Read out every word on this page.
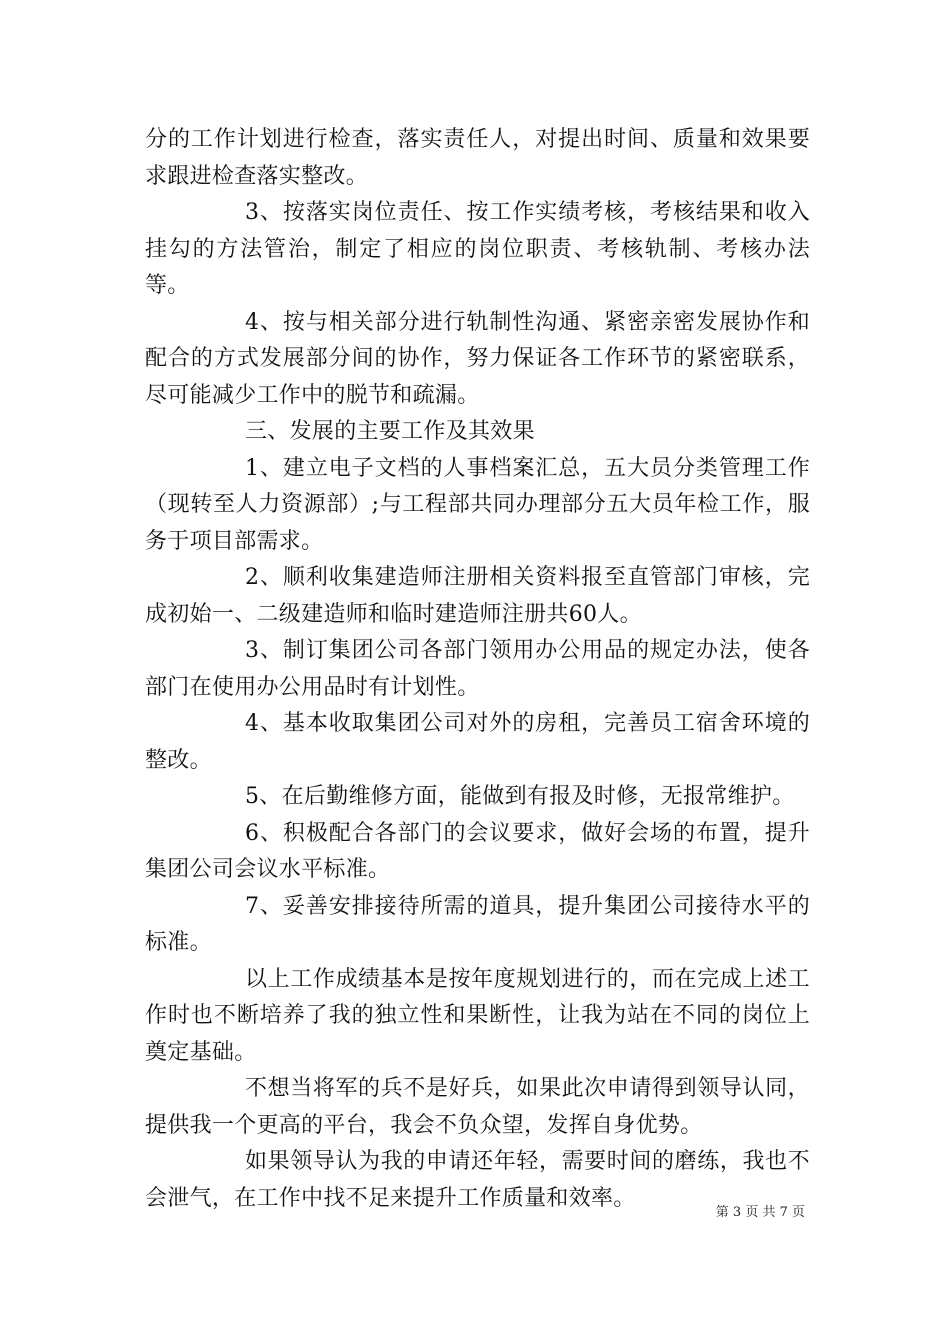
分的工作计划进行检查，落实责任人，对提出时间、质量和效果要求跟进检查落实整改。

3、按落实岗位责任、按工作实绩考核，考核结果和收入挂勾的方法管治，制定了相应的岗位职责、考核轨制、考核办法等。

4、按与相关部分进行轨制性沟通、紧密亲密发展协作和配合的方式发展部分间的协作，努力保证各工作环节的紧密联系，尽可能减少工作中的脱节和疏漏。

三、发展的主要工作及其效果

1、建立电子文档的人事档案汇总，五大员分类管理工作（现转至人力资源部）;与工程部共同办理部分五大员年检工作，服务于项目部需求。

2、顺利收集建造师注册相关资料报至直管部门审核，完成初始一、二级建造师和临时建造师注册共60人。

3、制订集团公司各部门领用办公用品的规定办法，使各部门在使用办公用品时有计划性。

4、基本收取集团公司对外的房租，完善员工宿舍环境的整改。

5、在后勤维修方面，能做到有报及时修，无报常维护。

6、积极配合各部门的会议要求，做好会场的布置，提升集团公司会议水平标准。

7、妥善安排接待所需的道具，提升集团公司接待水平的标准。

以上工作成绩基本是按年度规划进行的，而在完成上述工作时也不断培养了我的独立性和果断性，让我为站在不同的岗位上奠定基础。

不想当将军的兵不是好兵，如果此次申请得到领导认同，提供我一个更高的平台，我会不负众望，发挥自身优势。

如果领导认为我的申请还年轻，需要时间的磨练，我也不会泄气，在工作中找不足来提升工作质量和效率。

第 3 页 共 7 页
